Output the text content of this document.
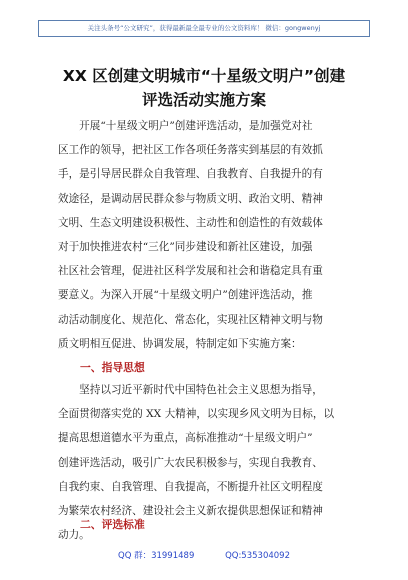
关注头条号“公文研究”，获得最新最全最专业的公文资料库！ 微信：gongwenyj
XX 区创建文明城市“十星级文明户”创建
评选活动实施方案
　　开展“十星级文明户”创建评选活动，是加强党对社
区工作的领导，把社区工作各项任务落实到基层的有效抓
手，是引导居民群众自我管理、自我教育、自我提升的有
效途径，是调动居民群众参与物质文明、政治文明、精神
文明、生态文明建设积极性、主动性和创造性的有效载体
对于加快推进农村“三化”同步建设和新社区建设，加强
社区社会管理，促进社区科学发展和社会和谐稳定具有重
要意义。为深入开展“十星级文明户”创建评选活动，推
动活动制度化、规范化、常态化，实现社区精神文明与物
质文明相互促进、协调发展，特制定如下实施方案：
一、指导思想
　　坚持以习近平新时代中国特色社会主义思想为指导，
全面贯彻落实党的 XX 大精神，以实现乡风文明为目标，以
提高思想道德水平为重点，高标准推动“十星级文明户”
创建评选活动，吸引广大农民积极参与，实现自我教育、
自我约束、自我管理、自我提高，不断提升社区文明程度
为繁荣农村经济、建设社会主义新农提供思想保证和精神
动力。
二、评选标准
QQ 群：31991489	QQ:535304092
